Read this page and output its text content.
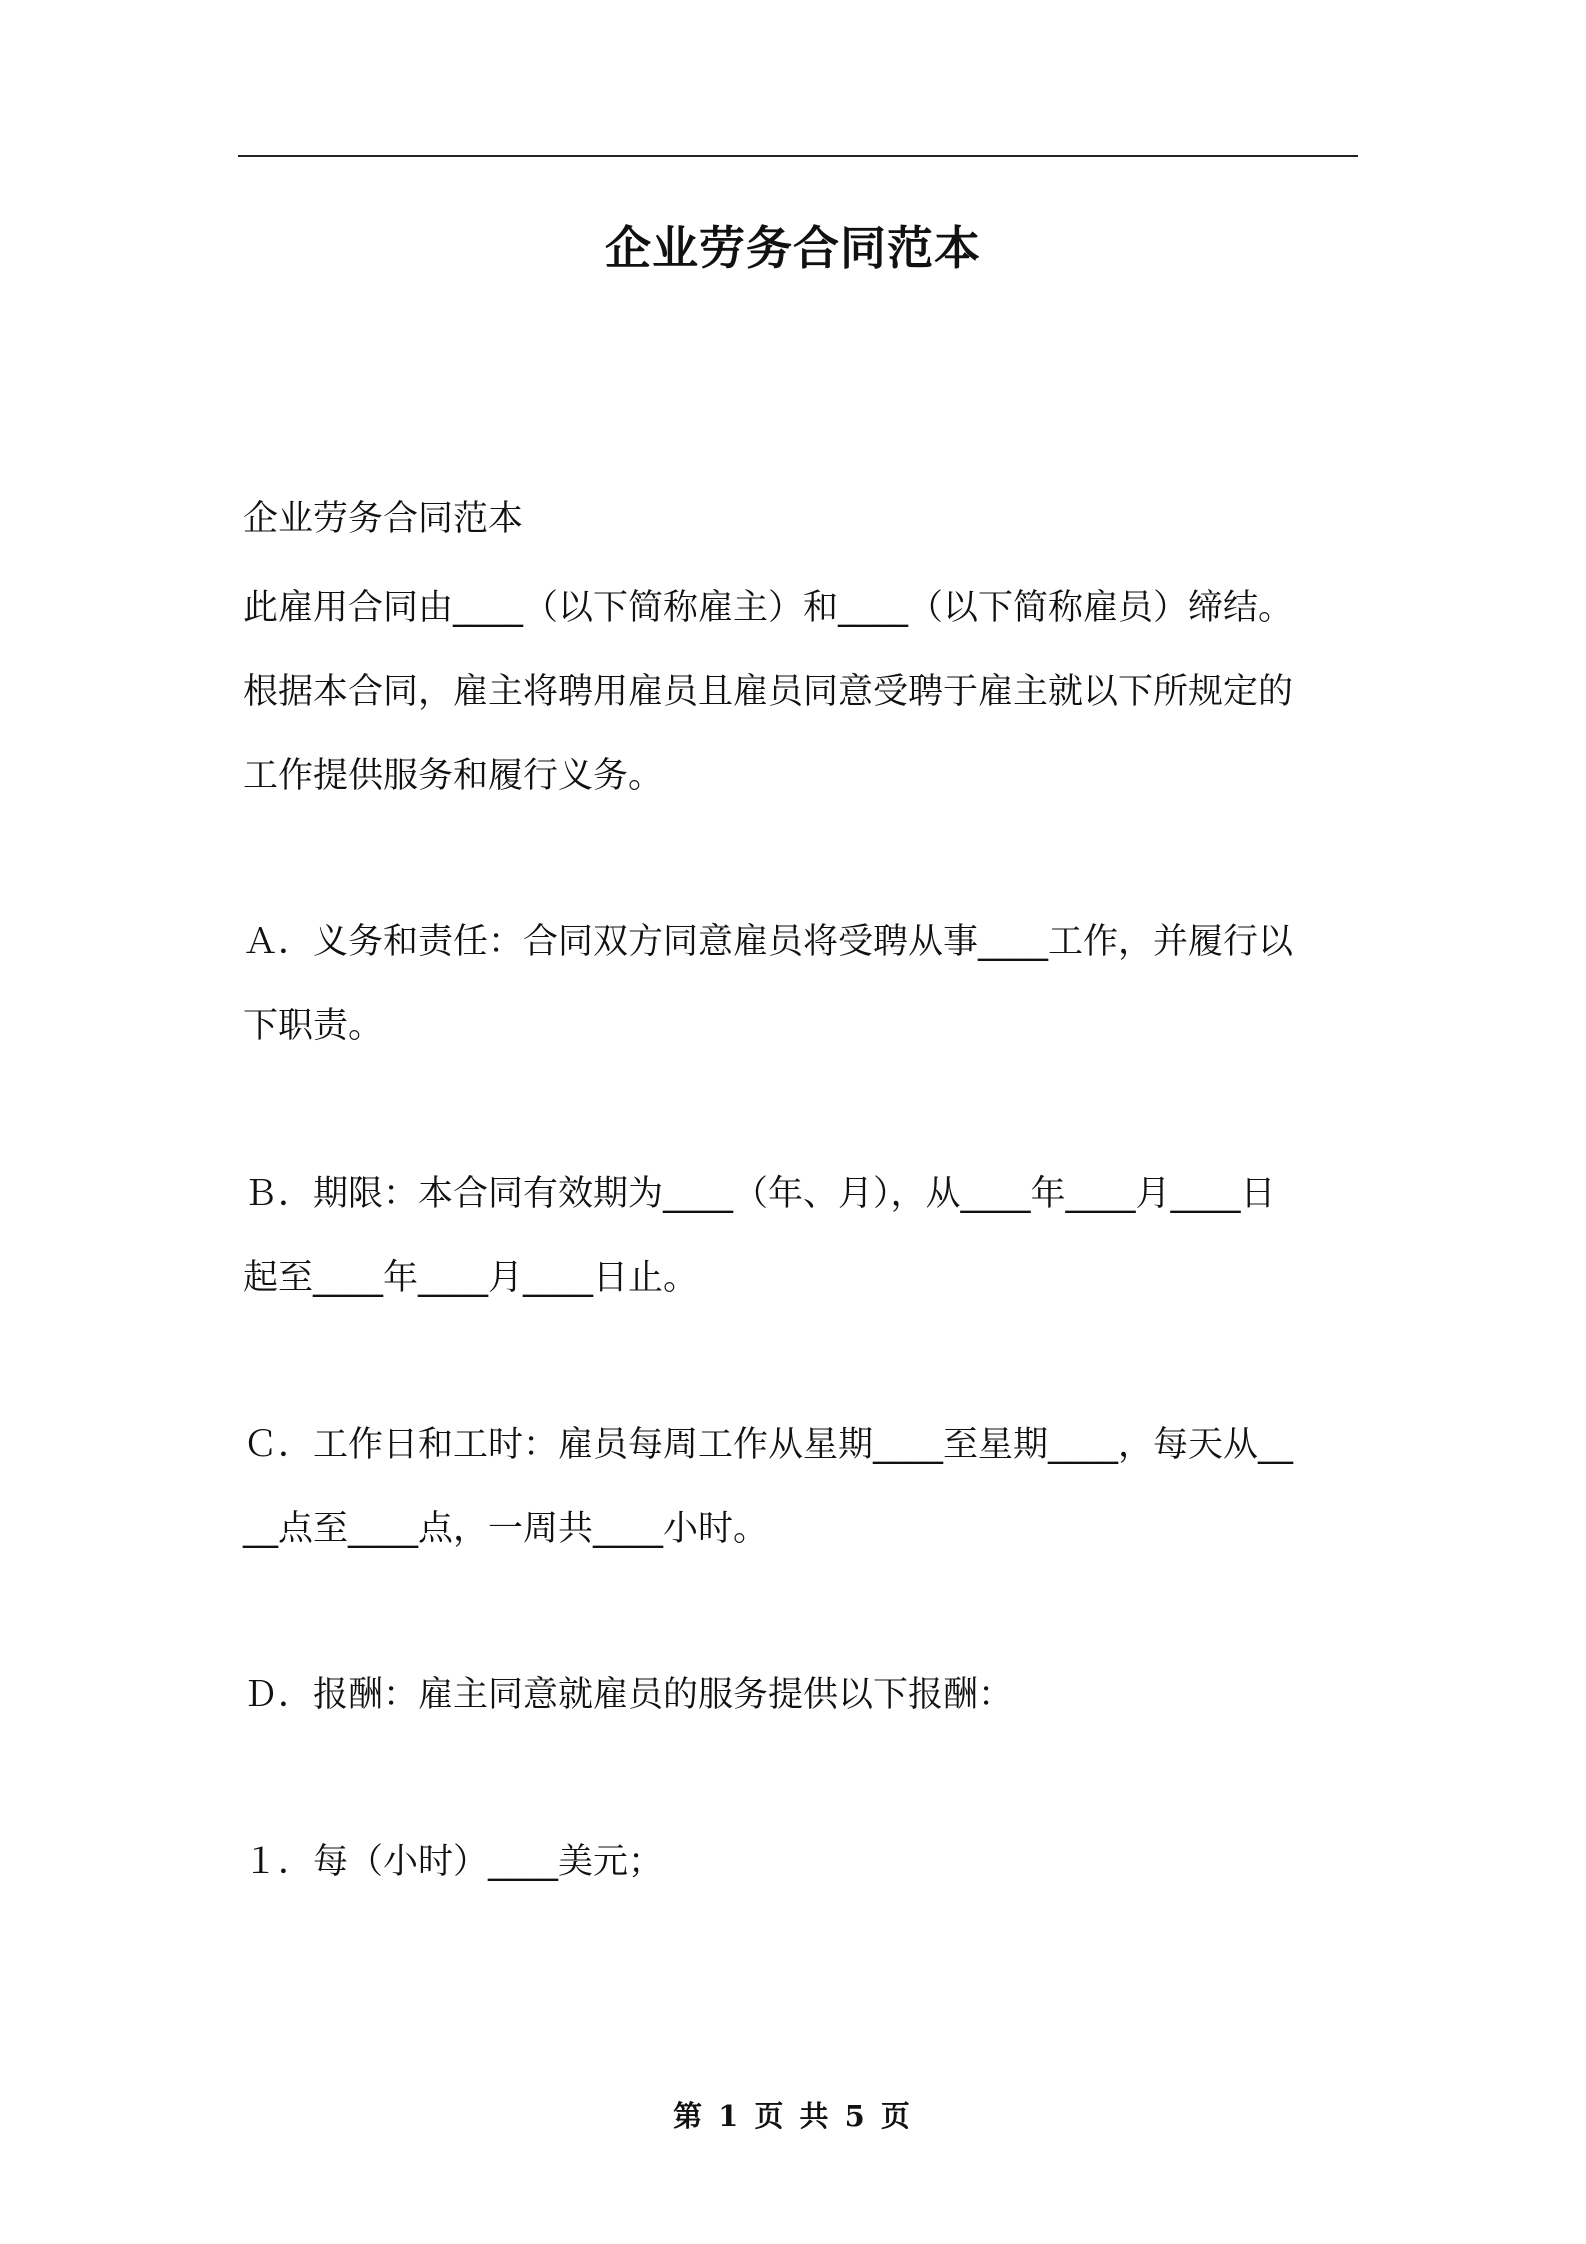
企业劳务合同范本

企业劳务合同范本

此雇用合同由____（以下简称雇主）和____（以下简称雇员）缔结。
根据本合同，雇主将聘用雇员且雇员同意受聘于雇主就以下所规定的
工作提供服务和履行义务。

Ａ．义务和责任：合同双方同意雇员将受聘从事____工作，并履行以
下职责。

Ｂ．期限：本合同有效期为____（年、月），从____年____月____日
起至____年____月____日止。

Ｃ．工作日和工时：雇员每周工作从星期____至星期____，每天从__
__点至____点，一周共____小时。

Ｄ．报酬：雇主同意就雇员的服务提供以下报酬：

１．每（小时）____美元；

第 1 页 共 5 页
